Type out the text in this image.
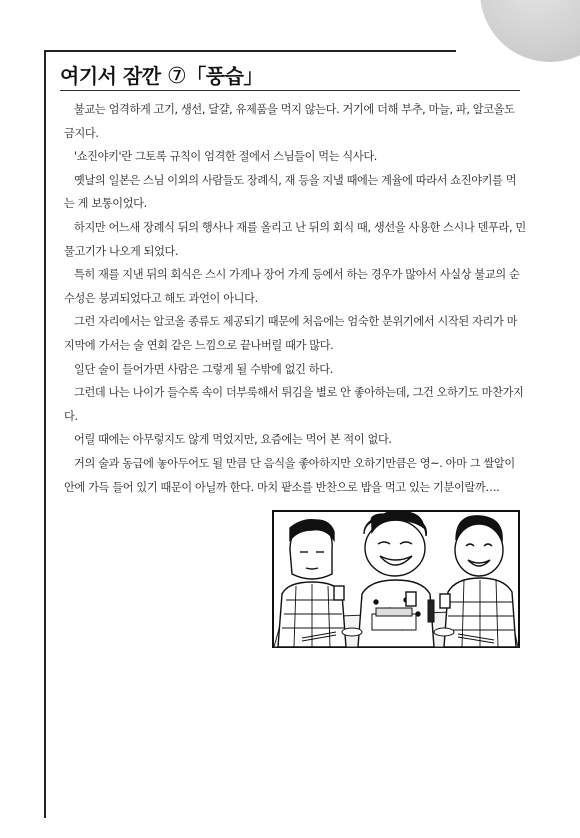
여기서 잠깐 ⑦「풍습」

불교는 엄격하게 고기, 생선, 달걀, 유제품을 먹지 않는다. 거기에 더해 부추, 마늘, 파, 알코올도 금지다.

'쇼진야키'란 그토록 규칙이 엄격한 절에서 스님들이 먹는 식사다.

옛날의 일본은 스님 이외의 사람들도 장례식, 재 등을 지낼 때에는 계율에 따라서 쇼진야키를 먹는 게 보통이었다.

하지만 어느새 장례식 뒤의 행사나 재를 올리고 난 뒤의 회식 때, 생선을 사용한 스시나 덴푸라, 민물고기가 나오게 되었다.

특히 재를 지낸 뒤의 회식은 스시 가게나 장어 가게 등에서 하는 경우가 많아서 사실상 불교의 순수성은 붕괴되었다고 해도 과언이 아니다.

그런 자리에서는 알코올 종류도 제공되기 때문에 처음에는 엄숙한 분위기에서 시작된 자리가 마지막에 가서는 술 연회 같은 느낌으로 끝나버릴 때가 많다.

일단 술이 들어가면 사람은 그렇게 될 수밖에 없긴 하다.

그런데 나는 나이가 들수록 속이 더부룩해서 튀김을 별로 안 좋아하는데, 그건 오하기도 마찬가지다.

어릴 때에는 아무렇지도 않게 먹었지만, 요즘에는 먹어 본 적이 없다.

거의 술과 동급에 놓아두어도 될 만큼 단 음식을 좋아하지만 오하기만큼은 영~. 아마 그 쌀알이 안에 가득 들어 있기 때문이 아닐까 한다. 마치 팥소를 반찬으로 밥을 먹고 있는 기분이랄까….
